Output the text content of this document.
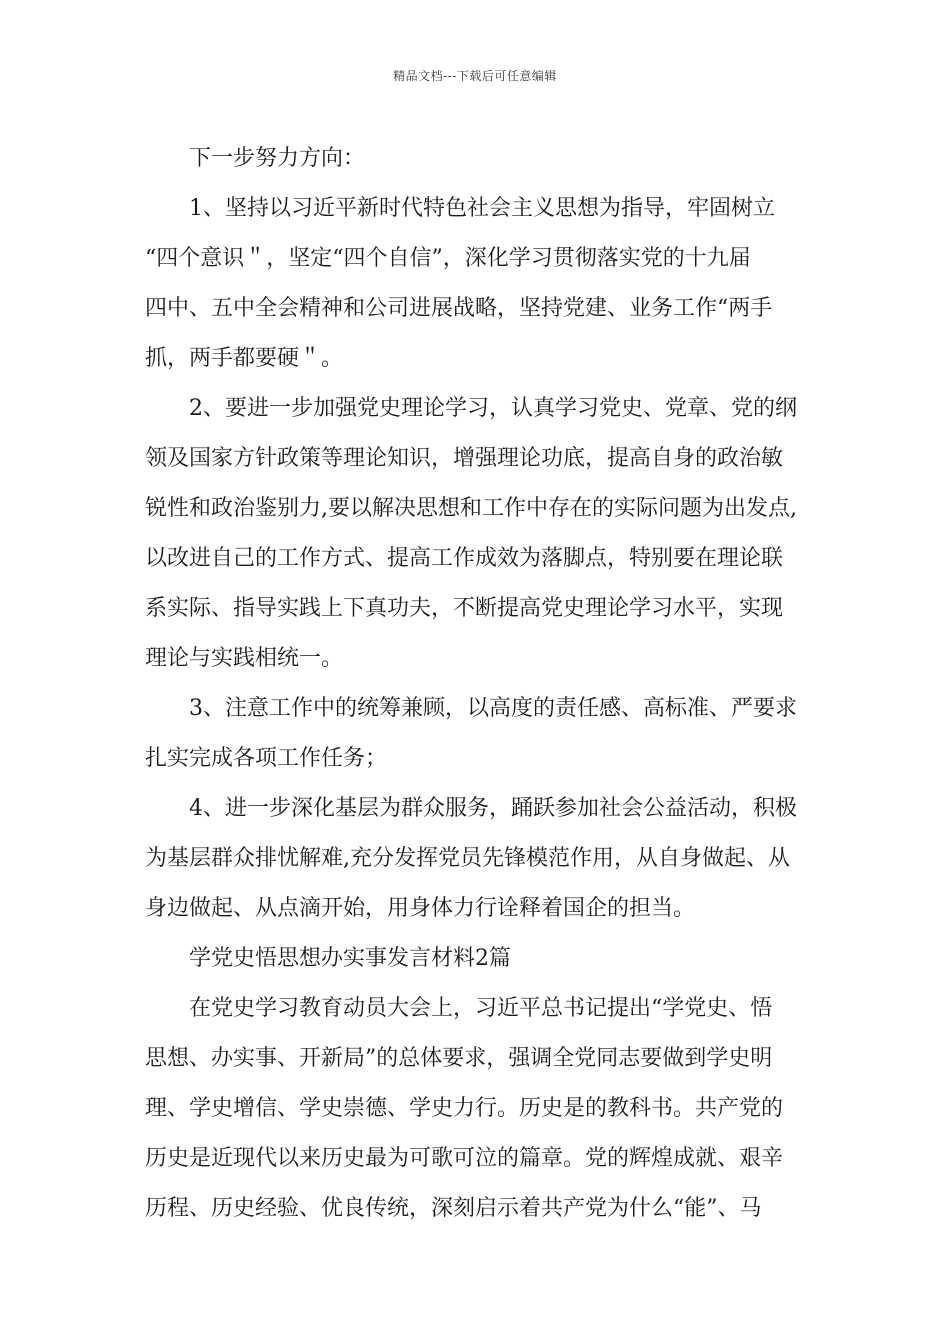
精品文档---下载后可任意编辑
下一步努力方向：
1、坚持以习近平新时代特色社会主义思想为指导，牢固树立
“四个意识＂，坚定“四个自信”，深化学习贯彻落实党的十九届
四中、五中全会精神和公司进展战略，坚持党建、业务工作“两手
抓，两手都要硬＂。
2、要进一步加强党史理论学习，认真学习党史、党章、党的纲
领及国家方针政策等理论知识，增强理论功底，提高自身的政治敏
锐性和政治鉴别力,要以解决思想和工作中存在的实际问题为出发点,
以改进自己的工作方式、提高工作成效为落脚点，特别要在理论联
系实际、指导实践上下真功夫，不断提高党史理论学习水平，实现
理论与实践相统一。
3、注意工作中的统筹兼顾，以高度的责任感、高标准、严要求
扎实完成各项工作任务；
4、进一步深化基层为群众服务，踊跃参加社会公益活动，积极
为基层群众排忧解难,充分发挥党员先锋模范作用，从自身做起、从
身边做起、从点滴开始，用身体力行诠释着国企的担当。
学党史悟思想办实事发言材料2篇
在党史学习教育动员大会上，习近平总书记提出“学党史、悟
思想、办实事、开新局”的总体要求，强调全党同志要做到学史明
理、学史增信、学史崇德、学史力行。历史是的教科书。共产党的
历史是近现代以来历史最为可歌可泣的篇章。党的辉煌成就、艰辛
历程、历史经验、优良传统，深刻启示着共产党为什么“能”、马
